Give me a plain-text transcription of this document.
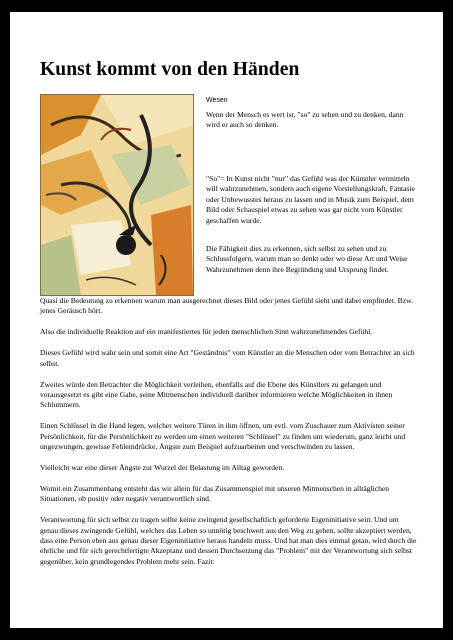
Kunst kommt von den Händen
Wesen
Wenn der Mensch es wert ist, "so" zu sehen und zu denken, dann wird er auch so denken.
"So"= In Kunst nicht "nur" das Gefühl was der Künstler vermitteln will wahrzunehmen, sondern auch eigene Vorstellungskraft, Fantasie oder Unbewusstes heraus zu lassen und in Musik zum Beispiel, dem Bild oder Schauspiel etwas zu sehen was gar nicht vom Künstler geschaffen wurde.
Die Fähigkeit dies zu erkennen, sich selbst zu sehen und zu Schlussfolgern, warum man so denkt oder wo diese Art und Weise Wahrzunehmen denn ihre Begründung und Ursprung findet.

Quasi die Bedeutung zu erkennen warum man ausgerechnet dieses Bild oder jenes Gefühl sieht und dabei empfindet. Bzw. jenes Geräusch hört.

Also die individuelle Reaktion auf ein manifestiertes für jeden menschlichen Sinn wahrzunehmendes Gefühl.

Dieses Gefühl wird wahr sein und somit eine Art "Geständnis" vom Künstler an die Menschen oder vom Betrachter an sich selbst.

Zweites würde den Betrachter die Möglichkeit verleihen, ebenfalls auf die Ebene des Künstlers zu gelangen und vorausgesetzt es gibt eine Gabe, seine Mitmenschen individuell darüber informieren welche Möglichkeiten in ihnen Schlummern.

Einen Schlüssel in die Hand legen, welcher weitere Türen in ihm öffnen, um evtl. vom Zuschauer zum Aktivisten seiner Persönlichkeit, für die Persönlichkeit zu werden um einen weiteren "Schlüssel" zu finden um wiederum, ganz leicht und ungezwungen, gewisse Fehleindrücke, Ängste zum Beispiel aufzuarbeiten und verschwinden zu lassen.

Vielleicht war eine dieser Ängste zur Wurzel der Belastung im Alltag geworden.

Womit ein Zusammenhang entsteht das wir allein für das Zusammenspiel mit unseren Mitmenschen in alltäglichen Situationen, ob positiv oder negativ verantwortlich sind.

Verantwortung für sich selbst zu tragen sollte keine zwingend gesellschaftlich geforderte Eigeninitiative sein. Und um genau dieses zwingende Gefühl, welches das Leben so unnötig beschwert aus den Weg zu gehen, sollte akzeptiert werden, dass eine Person eben aus genau dieser Eigeninitiative heraus handeln muss. Und hat man dies einmal getan, wird durch die ehrliche und für sich gerechtfertigte Akzeptanz und dessen Durchsetzung das "Problem" mit der Verantwortung sich selbst gegenüber, kein grundlegendes Problem mehr sein. Fazit:
